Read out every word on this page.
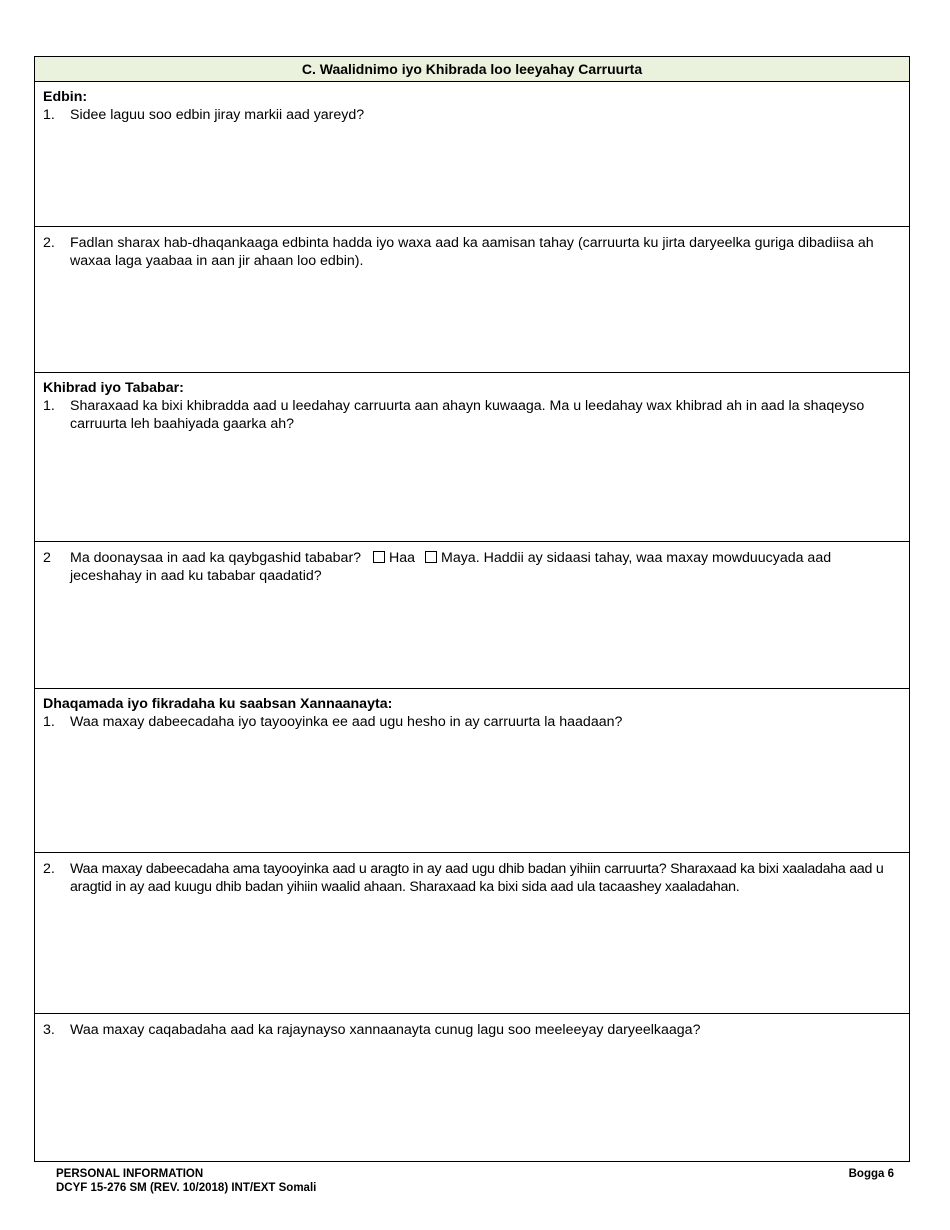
C. Waalidnimo iyo Khibrada loo leeyahay Carruurta
Edbin:
1.	Sidee laguu soo edbin jiray markii aad yareyd?
2.	Fadlan sharax hab-dhaqankaaga edbinta hadda iyo waxa aad ka aamisan tahay (carruurta ku jirta daryeelka guriga dibadiisa ah waxaa laga yaabaa in aan jir ahaan loo edbin).
Khibrad iyo Tababar:
1.	Sharaxaad ka bixi khibradda aad u leedahay carruurta aan ahayn kuwaaga. Ma u leedahay wax khibrad ah in aad la shaqeyso carruurta leh baahiyada gaarka ah?
2	Ma doonaysaa in aad ka qaybgashid tababar? Haa Maya. Haddii ay sidaasi tahay, waa maxay mowduucyada aad jeceshahay in aad ku tababar qaadatid?
Dhaqamada iyo fikradaha ku saabsan Xannaanayta:
1.	Waa maxay dabeecadaha iyo tayooyinka ee aad ugu hesho in ay carruurta la haadaan?
2.	Waa maxay dabeecadaha ama tayooyinka aad u aragto in ay aad ugu dhib badan yihiin carruurta? Sharaxaad ka bixi xaaladaha aad u aragtid in ay aad kuugu dhib badan yihiin waalid ahaan. Sharaxaad ka bixi sida aad ula tacaashey xaaladahan.
3.	Waa maxay caqabadaha aad ka rajaynayso xannaanayta cunug lagu soo meeleeyay daryeelkaaga?
PERSONAL INFORMATION
DCYF 15-276 SM (REV. 10/2018) INT/EXT Somali
Bogga 6
